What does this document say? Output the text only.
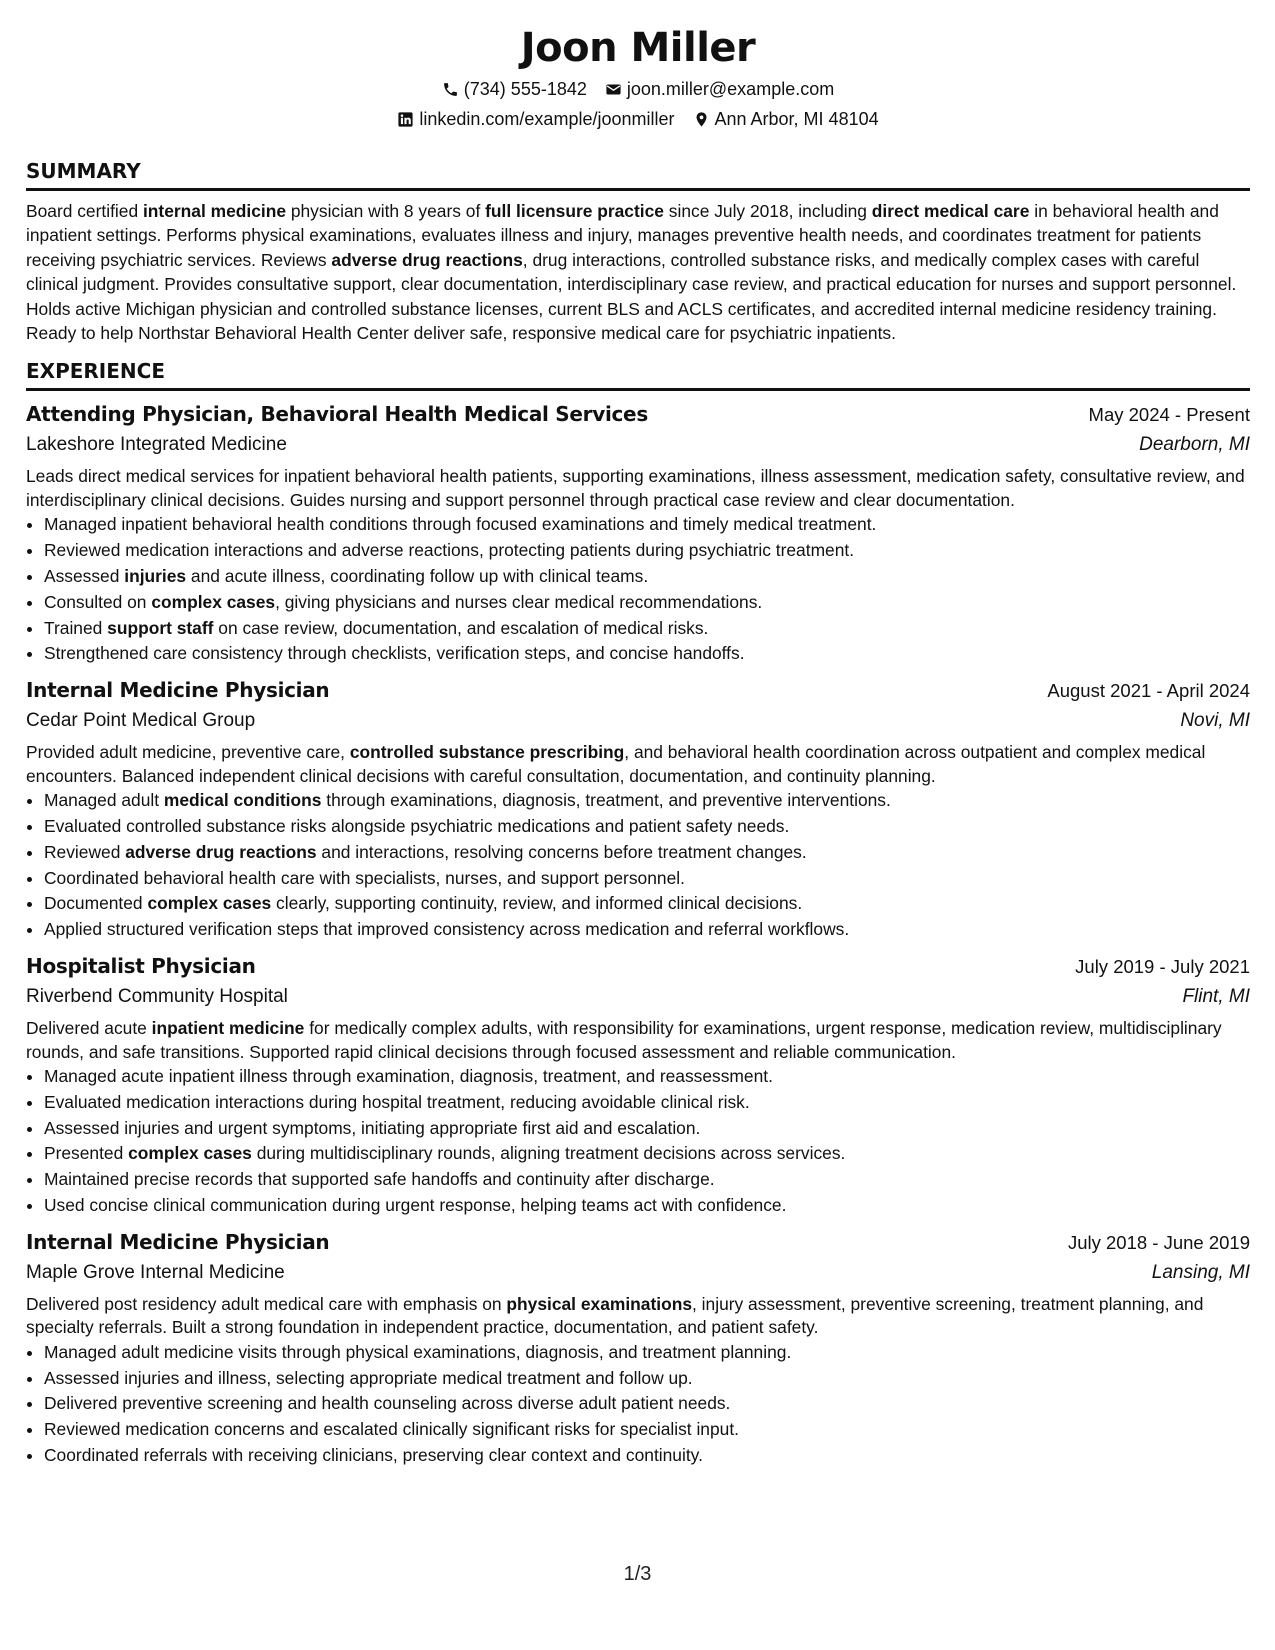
Joon Miller
(734) 555-1842 joon.miller@example.com
linkedin.com/example/joonmiller Ann Arbor, MI 48104
SUMMARY

Board certified internal medicine physician with 8 years of full licensure practice since July 2018, including direct medical care in behavioral health and inpatient settings. Performs physical examinations, evaluates illness and injury, manages preventive health needs, and coordinates treatment for patients receiving psychiatric services. Reviews adverse drug reactions, drug interactions, controlled substance risks, and medically complex cases with careful clinical judgment. Provides consultative support, clear documentation, interdisciplinary case review, and practical education for nurses and support personnel. Holds active Michigan physician and controlled substance licenses, current BLS and ACLS certificates, and accredited internal medicine residency training. Ready to help Northstar Behavioral Health Center deliver safe, responsive medical care for psychiatric inpatients.

EXPERIENCE
Attending Physician, Behavioral Health Medical Services	May 2024 - Present
Lakeshore Integrated Medicine	Dearborn, MI

Leads direct medical services for inpatient behavioral health patients, supporting examinations, illness assessment, medication safety, consultative review, and interdisciplinary clinical decisions. Guides nursing and support personnel through practical case review and clear documentation.

• Managed inpatient behavioral health conditions through focused examinations and timely medical treatment.
• Reviewed medication interactions and adverse reactions, protecting patients during psychiatric treatment.
• Assessed injuries and acute illness, coordinating follow up with clinical teams.
• Consulted on complex cases, giving physicians and nurses clear medical recommendations.
• Trained support staff on case review, documentation, and escalation of medical risks.
• Strengthened care consistency through checklists, verification steps, and concise handoffs.
Internal Medicine Physician	August 2021 - April 2024
Cedar Point Medical Group	Novi, MI

Provided adult medicine, preventive care, controlled substance prescribing, and behavioral health coordination across outpatient and complex medical encounters. Balanced independent clinical decisions with careful consultation, documentation, and continuity planning.

• Managed adult medical conditions through examinations, diagnosis, treatment, and preventive interventions.
• Evaluated controlled substance risks alongside psychiatric medications and patient safety needs.
• Reviewed adverse drug reactions and interactions, resolving concerns before treatment changes.
• Coordinated behavioral health care with specialists, nurses, and support personnel.
• Documented complex cases clearly, supporting continuity, review, and informed clinical decisions.
• Applied structured verification steps that improved consistency across medication and referral workflows.
Hospitalist Physician	July 2019 - July 2021
Riverbend Community Hospital	Flint, MI

Delivered acute inpatient medicine for medically complex adults, with responsibility for examinations, urgent response, medication review, multidisciplinary rounds, and safe transitions. Supported rapid clinical decisions through focused assessment and reliable communication.

• Managed acute inpatient illness through examination, diagnosis, treatment, and reassessment.
• Evaluated medication interactions during hospital treatment, reducing avoidable clinical risk.
• Assessed injuries and urgent symptoms, initiating appropriate first aid and escalation.
• Presented complex cases during multidisciplinary rounds, aligning treatment decisions across services.
• Maintained precise records that supported safe handoffs and continuity after discharge.
• Used concise clinical communication during urgent response, helping teams act with confidence.
Internal Medicine Physician	July 2018 - June 2019
Maple Grove Internal Medicine	Lansing, MI

Delivered post residency adult medical care with emphasis on physical examinations, injury assessment, preventive screening, treatment planning, and specialty referrals. Built a strong foundation in independent practice, documentation, and patient safety.

• Managed adult medicine visits through physical examinations, diagnosis, and treatment planning.
• Assessed injuries and illness, selecting appropriate medical treatment and follow up.
• Delivered preventive screening and health counseling across diverse adult patient needs.
• Reviewed medication concerns and escalated clinically significant risks for specialist input.
• Coordinated referrals with receiving clinicians, preserving clear context and continuity.
1/3
